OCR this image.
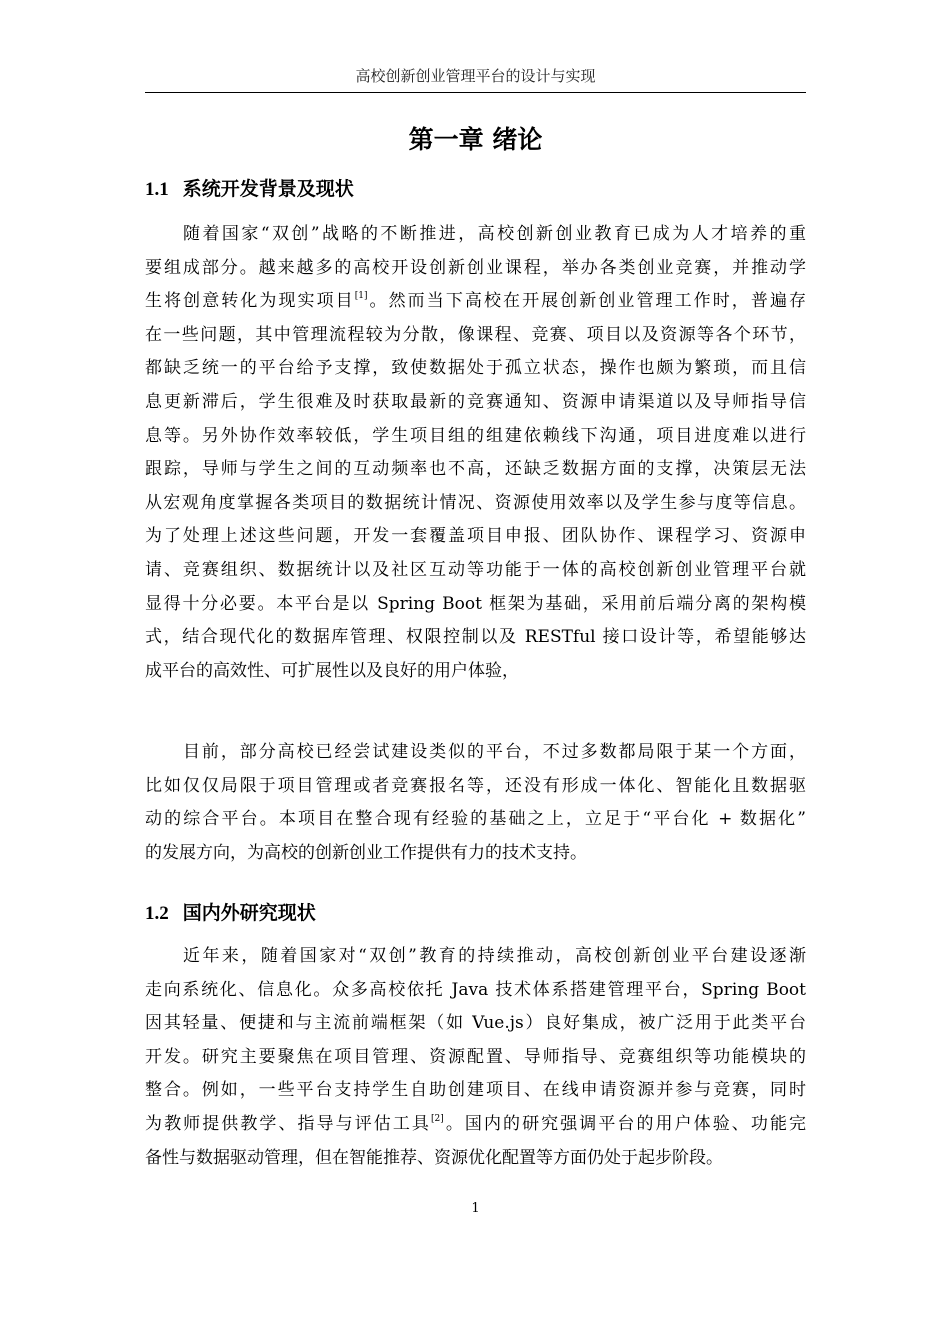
高校创新创业管理平台的设计与实现
第一章 绪论
1.1 系统开发背景及现状
随着国家“双创”战略的不断推进，高校创新创业教育已成为人才培养的重
要组成部分。越来越多的高校开设创新创业课程，举办各类创业竞赛，并推动学
生将创意转化为现实项目[1]。然而当下高校在开展创新创业管理工作时，普遍存
在一些问题，其中管理流程较为分散，像课程、竞赛、项目以及资源等各个环节，
都缺乏统一的平台给予支撑，致使数据处于孤立状态，操作也颇为繁琐，而且信
息更新滞后，学生很难及时获取最新的竞赛通知、资源申请渠道以及导师指导信
息等。另外协作效率较低，学生项目组的组建依赖线下沟通，项目进度难以进行
跟踪，导师与学生之间的互动频率也不高，还缺乏数据方面的支撑，决策层无法
从宏观角度掌握各类项目的数据统计情况、资源使用效率以及学生参与度等信息。
为了处理上述这些问题，开发一套覆盖项目申报、团队协作、课程学习、资源申
请、竞赛组织、数据统计以及社区互动等功能于一体的高校创新创业管理平台就
显得十分必要。本平台是以 Spring Boot 框架为基础，采用前后端分离的架构模
式，结合现代化的数据库管理、权限控制以及 RESTful 接口设计等，希望能够达
成平台的高效性、可扩展性以及良好的用户体验，
目前，部分高校已经尝试建设类似的平台，不过多数都局限于某一个方面，
比如仅仅局限于项目管理或者竞赛报名等，还没有形成一体化、智能化且数据驱
动的综合平台。本项目在整合现有经验的基础之上，立足于“平台化 + 数据化”
的发展方向，为高校的创新创业工作提供有力的技术支持。
1.2 国内外研究现状
近年来，随着国家对“双创”教育的持续推动，高校创新创业平台建设逐渐
走向系统化、信息化。众多高校依托 Java 技术体系搭建管理平台，Spring Boot
因其轻量、便捷和与主流前端框架（如 Vue.js）良好集成，被广泛用于此类平台
开发。研究主要聚焦在项目管理、资源配置、导师指导、竞赛组织等功能模块的
整合。例如，一些平台支持学生自助创建项目、在线申请资源并参与竞赛，同时
为教师提供教学、指导与评估工具[2]。国内的研究强调平台的用户体验、功能完
备性与数据驱动管理，但在智能推荐、资源优化配置等方面仍处于起步阶段。
1
